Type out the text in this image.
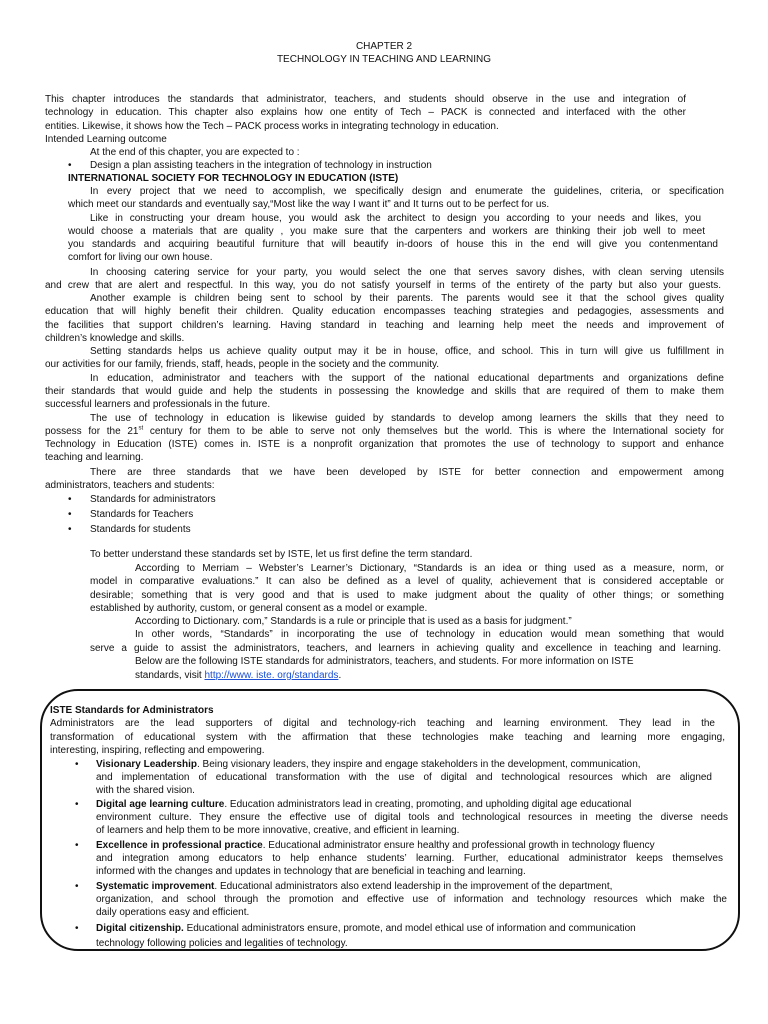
CHAPTER 2
TECHNOLOGY IN TEACHING AND LEARNING
This chapter introduces the standards that administrator, teachers, and students should observe in the use and integration of
technology in education. This chapter also explains how one entity of Tech – PACK is connected and interfaced with the other
entities. Likewise, it shows how the Tech – PACK process works in integrating technology in education.
Intended Learning outcome
At the end of this chapter, you are expected to :
• Design a plan assisting teachers in the integration of technology in instruction
INTERNATIONAL SOCIETY FOR TECHNOLOGY IN EDUCATION (ISTE)
In every project that we need to accomplish, we specifically design and enumerate the guidelines, criteria, or specification
which meet our standards and eventually say,“Most like the way I want it” and It turns out to be perfect for us.
Like in constructing your dream house, you would ask the architect to design you according to your needs and likes, you
would choose a materials that are quality , you make sure that the carpenters and workers are thinking their job well to meet
you standards and acquiring beautiful furniture that will beautify in-doors of house this in the end will give you contenmentand
comfort for living our own house.
In choosing catering service for your party, you would select the one that serves savory dishes, with clean serving utensils
and crew that are alert and respectful. In this way, you do not satisfy yourself in terms of the entirety of the party but also your guests.
Another example is children being sent to school by their parents. The parents would see it that the school gives quality
education that will highly benefit their children. Quality education encompasses teaching strategies and pedagogies, assessments and
the facilities that support children’s learning. Having standard in teaching and learning help meet the needs and improvement of
children’s knowledge and skills.
Setting standards helps us achieve quality output may it be in house, office, and school. This in turn will give us fulfillment in
our activities for our family, friends, staff, heads, people in the society and the community.
In education, administrator and teachers with the support of the national educational departments and organizations define
their standards that would guide and help the students in possessing the knowledge and skills that are required of them to make them
successful learners and professionals in the future.
The use of technology in education is likewise guided by standards to develop among learners the skills that they need to
possess for the 21st century for them to be able to serve not only themselves but the world. This is where the International society for
Technology in Education (ISTE) comes in. ISTE is a nonprofit organization that promotes the use of technology to support and enhance
teaching and learning.
There are three standards that we have been developed by ISTE for better connection and empowerment among
administrators, teachers and students:
• Standards for administrators
• Standards for Teachers
• Standards for students
To better understand these standards set by ISTE, let us first define the term standard.
According to Merriam – Webster’s Learner’s Dictionary, “Standards is an idea or thing used as a measure, norm, or
model in comparative evaluations.” It can also be defined as a level of quality, achievement that is considered acceptable or
desirable; something that is very good and that is used to make judgment about the quality of other things; or something
established by authority, custom, or general consent as a model or example.
According to Dictionary. com,” Standards is a rule or principle that is used as a basis for judgment.”
In other words, “Standards” in incorporating the use of technology in education would mean something that would
serve a guide to assist the administrators, teachers, and learners in achieving quality and excellence in teaching and learning.
Below are the following ISTE standards for administrators, teachers, and students. For more information on ISTE
standards, visit http://www. iste. org/standards.
ISTE Standards for Administrators
Administrators are the lead supporters of digital and technology-rich teaching and learning environment. They lead in the
transformation of educational system with the affirmation that these technologies make teaching and learning more engaging,
interesting, inspiring, reflecting and empowering.
• Visionary Leadership. Being visionary leaders, they inspire and engage stakeholders in the development, communication,
and implementation of educational transformation with the use of digital and technological resources which are aligned
with the shared vision.
• Digital age learning culture. Education administrators lead in creating, promoting, and upholding digital age educational
environment culture. They ensure the effective use of digital tools and technological resources in meeting the diverse needs
of learners and help them to be more innovative, creative, and efficient in learning.
• Excellence in professional practice. Educational administrator ensure healthy and professional growth in technology fluency
and integration among educators to help enhance students’ learning. Further, educational administrator keeps themselves
informed with the changes and updates in technology that are beneficial in teaching and learning.
• Systematic improvement. Educational administrators also extend leadership in the improvement of the department,
organization, and school through the promotion and effective use of information and technology resources which make the
daily operations easy and efficient.
• Digital citizenship. Educational administrators ensure, promote, and model ethical use of information and communication
technology following policies and legalities of technology.
